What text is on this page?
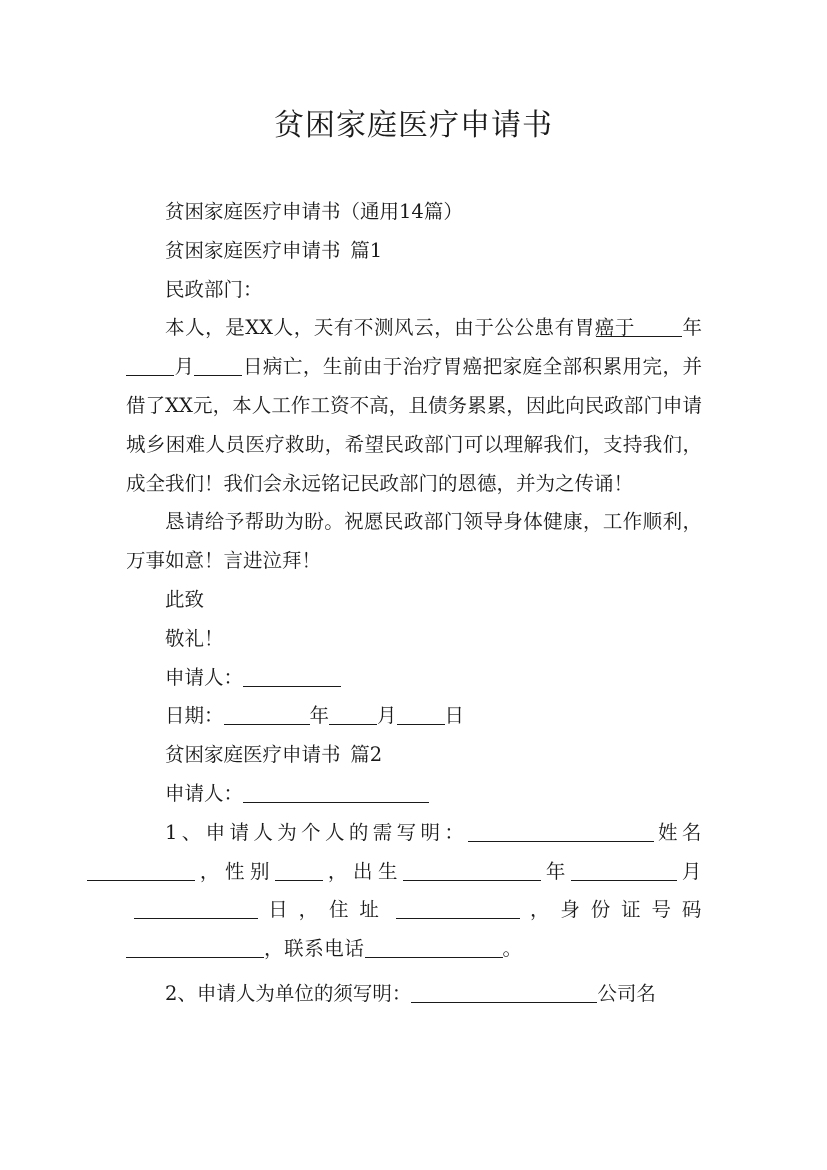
贫困家庭医疗申请书

贫困家庭医疗申请书（通用14篇）

贫困家庭医疗申请书 篇1

民政部门：

本人，是XX人，天有不测风云，由于公公患有胃癌于 年月 日病亡，生前由于治疗胃癌把家庭全部积累用完，并借了XX元，本人工作工资不高，且债务累累，因此向民政部门申请城乡困难人员医疗救助，希望民政部门可以理解我们，支持我们，成全我们！我们会永远铭记民政部门的恩德，并为之传诵！

恳请给予帮助为盼。祝愿民政部门领导身体健康，工作顺利，万事如意！言进泣拜！

此致

敬礼！

申请人：

日期：	年 月 日

贫困家庭医疗申请书 篇2

申请人：

1、申请人为个人的需写明：	姓名，性别 ，出生	年	月日，住址	，身份证号码，联系电话	。

2、申请人为单位的须写明：	公司名
